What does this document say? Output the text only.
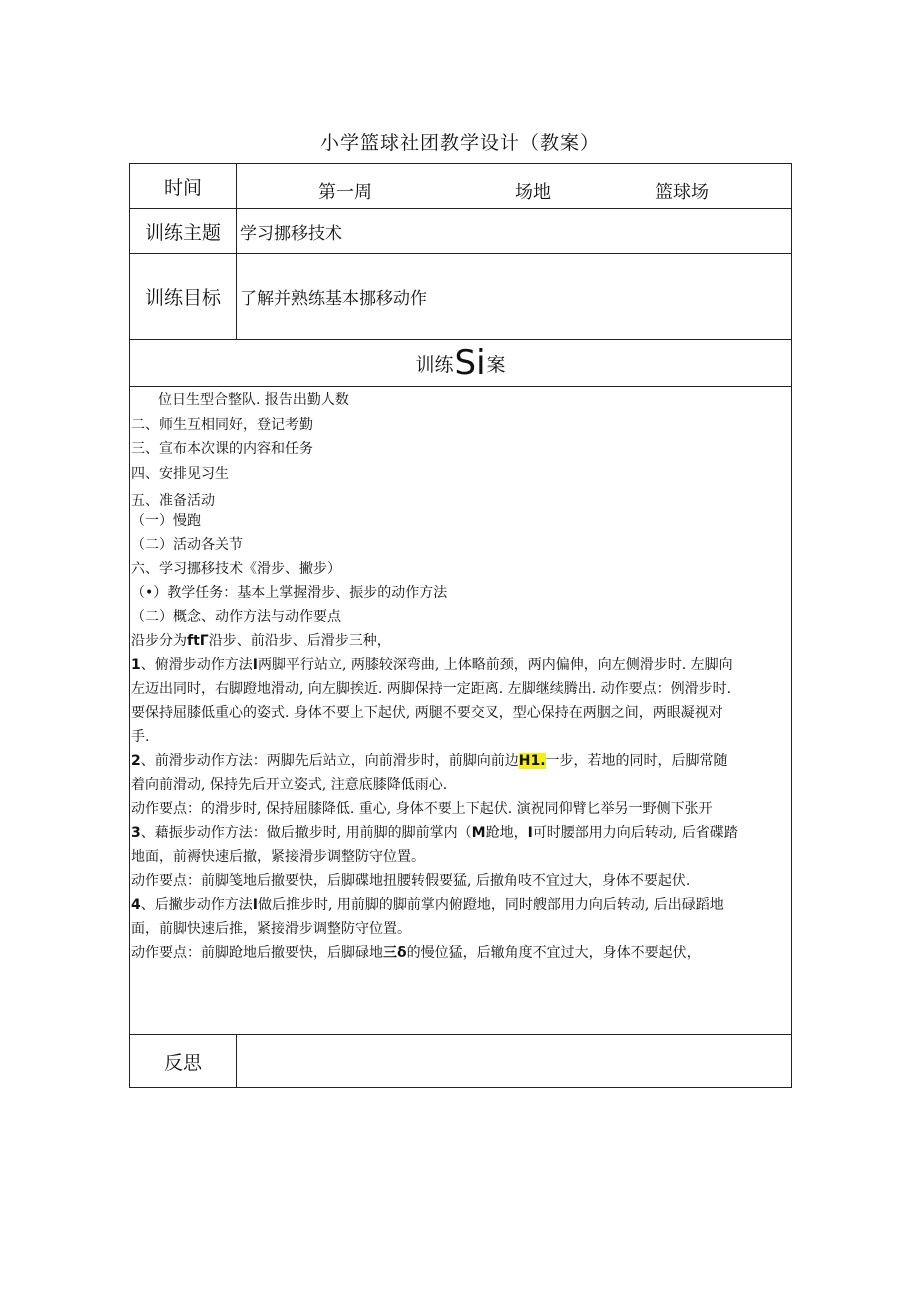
小学篮球社团教学设计（教案）
时间	第一周	场地	篮球场
训练主题	学习挪移技术
训练目标	了解并熟练基本挪移动作
训练 Si 案
位日生型合整队. 报告出勤人数
二、师生互相同好，登记考勤
三、宣布本次课的内容和任务
四、安排见习生
五、准备活动
（一）慢跑
（二）活动各关节
六、学习挪移技术《滑步、撇步）
（•）教学任务：基本上掌握滑步、振步的动作方法
（二）概念、动作方法与动作要点
沿步分为ftΓ沿步、前沿步、后滑步三种，
1、俯滑步动作方法I两脚平行站立, 两膝较深弯曲, 上体略前颈，两内偏伸，向左侧滑步时. 左脚向
左迈出同时，右脚蹬地滑动, 向左脚挨近. 两脚保持一定距离. 左脚继续腾出. 动作要点：例滑步时.
要保持屈膝低重心的姿式. 身体不要上下起伏, 两腿不要交叉，型心保持在两胭之间，两眼凝视对
手.
2、前滑步动作方法：两脚先后站立，向前滑步时，前脚向前边H1.一步，若地的同时，后脚常随
着向前滑动, 保持先后开立姿式, 注意底膝降低雨心.
动作要点：的滑步时, 保持屈膝降低. 重心, 身体不要上下起伏. 演祝同仰臂匕举另一野侧下张开
3、藉振步动作方法：做后撤步时, 用前脚的脚前掌内（M跄地，I可时腰部用力向后转动, 后省碟踏
地面，前褥快速后撤，紧接滑步调整防守位置。
动作要点：前脚笺地后撤要快，后脚碟地扭腰转假要猛, 后撤角吱不宜过大，身体不要起伏.
4、后撇步动作方法I做后推步时, 用前脚的脚前掌内俯蹬地，同时艘部用力向后转动, 后出碌蹈地
面，前脚快速后推，紧接滑步调整防守位置。
动作要点：前脚跄地后撤要快，后脚碌地三δ的慢位猛，后辙角度不宜过大，身体不要起伏，
反思
